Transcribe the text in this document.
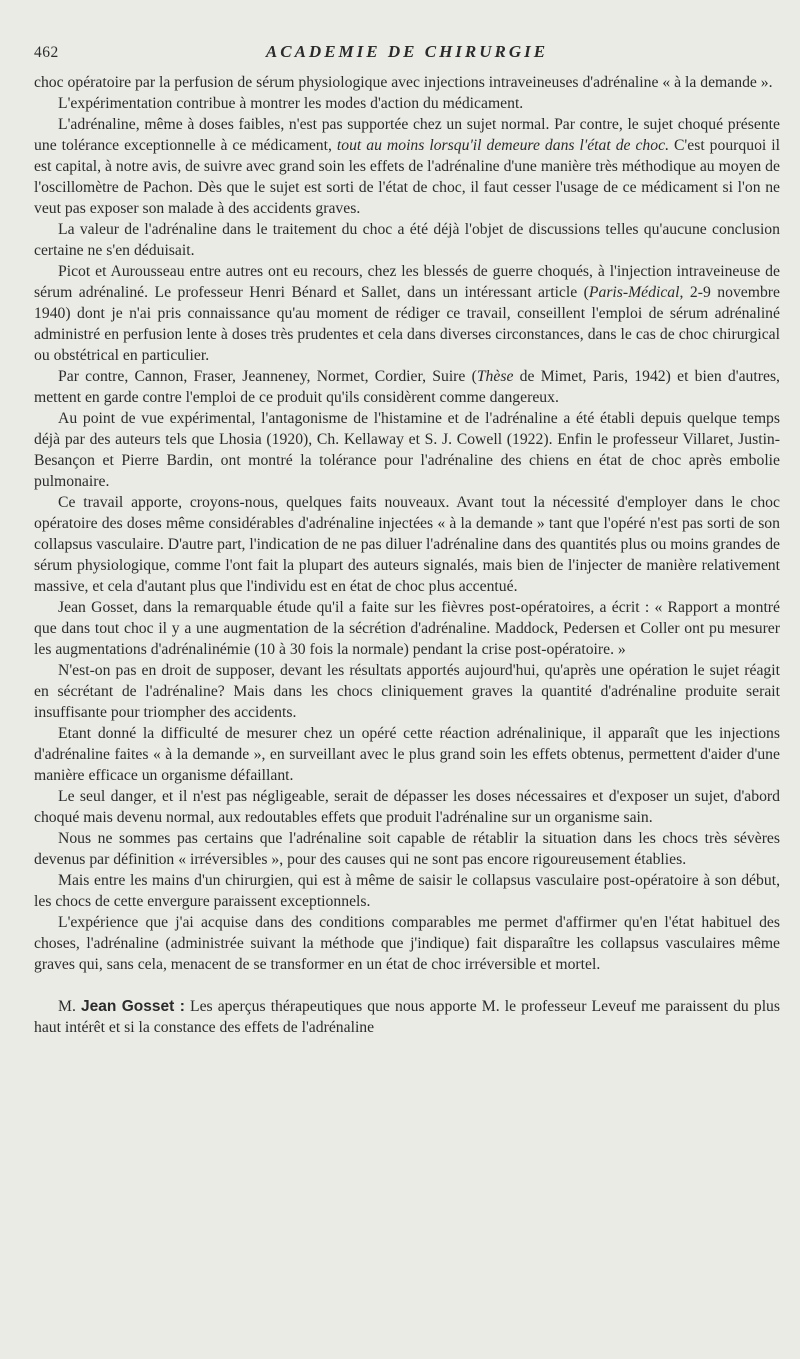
462	ACADEMIE DE CHIRURGIE

choc opératoire par la perfusion de sérum physiologique avec injections intraveineuses d'adrénaline « à la demande ».

L'expérimentation contribue à montrer les modes d'action du médicament.

L'adrénaline, même à doses faibles, n'est pas supportée chez un sujet normal. Par contre, le sujet choqué présente une tolérance exceptionnelle à ce médicament, tout au moins lorsqu'il demeure dans l'état de choc. C'est pourquoi il est capital, à notre avis, de suivre avec grand soin les effets de l'adrénaline d'une manière très méthodique au moyen de l'oscillomètre de Pachon. Dès que le sujet est sorti de l'état de choc, il faut cesser l'usage de ce médicament si l'on ne veut pas exposer son malade à des accidents graves.

La valeur de l'adrénaline dans le traitement du choc a été déjà l'objet de discussions telles qu'aucune conclusion certaine ne s'en déduisait.

Picot et Aurousseau entre autres ont eu recours, chez les blessés de guerre choqués, à l'injection intraveineuse de sérum adrénaliné. Le professeur Henri Bénard et Sallet, dans un intéressant article (Paris-Médical, 2-9 novembre 1940) dont je n'ai pris connaissance qu'au moment de rédiger ce travail, conseillent l'emploi de sérum adrénaliné administré en perfusion lente à doses très prudentes et cela dans diverses circonstances, dans le cas de choc chirurgical ou obstétrical en particulier.

Par contre, Cannon, Fraser, Jeanneney, Normet, Cordier, Suire (Thèse de Mimet, Paris, 1942) et bien d'autres, mettent en garde contre l'emploi de ce produit qu'ils considèrent comme dangereux.

Au point de vue expérimental, l'antagonisme de l'histamine et de l'adrénaline a été établi depuis quelque temps déjà par des auteurs tels que Lhosia (1920), Ch. Kellaway et S. J. Cowell (1922). Enfin le professeur Villaret, Justin-Besançon et Pierre Bardin, ont montré la tolérance pour l'adrénaline des chiens en état de choc après embolie pulmonaire.

Ce travail apporte, croyons-nous, quelques faits nouveaux. Avant tout la nécessité d'employer dans le choc opératoire des doses même considérables d'adrénaline injectées « à la demande » tant que l'opéré n'est pas sorti de son collapsus vasculaire. D'autre part, l'indication de ne pas diluer l'adrénaline dans des quantités plus ou moins grandes de sérum physiologique, comme l'ont fait la plupart des auteurs signalés, mais bien de l'injecter de manière relativement massive, et cela d'autant plus que l'individu est en état de choc plus accentué.

Jean Gosset, dans la remarquable étude qu'il a faite sur les fièvres post-opératoires, a écrit : « Rapport a montré que dans tout choc il y a une augmentation de la sécrétion d'adrénaline. Maddock, Pedersen et Coller ont pu mesurer les augmentations d'adrénalinémie (10 à 30 fois la normale) pendant la crise post-opératoire. »

N'est-on pas en droit de supposer, devant les résultats apportés aujourd'hui, qu'après une opération le sujet réagit en sécrétant de l'adrénaline? Mais dans les chocs cliniquement graves la quantité d'adrénaline produite serait insuffisante pour triompher des accidents.

Etant donné la difficulté de mesurer chez un opéré cette réaction adrénalinique, il apparaît que les injections d'adrénaline faites « à la demande », en surveillant avec le plus grand soin les effets obtenus, permettent d'aider d'une manière efficace un organisme défaillant.

Le seul danger, et il n'est pas négligeable, serait de dépasser les doses nécessaires et d'exposer un sujet, d'abord choqué mais devenu normal, aux redoutables effets que produit l'adrénaline sur un organisme sain.

Nous ne sommes pas certains que l'adrénaline soit capable de rétablir la situation dans les chocs très sévères devenus par définition « irréversibles », pour des causes qui ne sont pas encore rigoureusement établies.

Mais entre les mains d'un chirurgien, qui est à même de saisir le collapsus vasculaire post-opératoire à son début, les chocs de cette envergure paraissent exceptionnels.

L'expérience que j'ai acquise dans des conditions comparables me permet d'affirmer qu'en l'état habituel des choses, l'adrénaline (administrée suivant la méthode que j'indique) fait disparaître les collapsus vasculaires même graves qui, sans cela, menacent de se transformer en un état de choc irréversible et mortel.

M. Jean Gosset : Les aperçus thérapeutiques que nous apporte M. le professeur Leveuf me paraissent du plus haut intérêt et si la constance des effets de l'adrénaline
